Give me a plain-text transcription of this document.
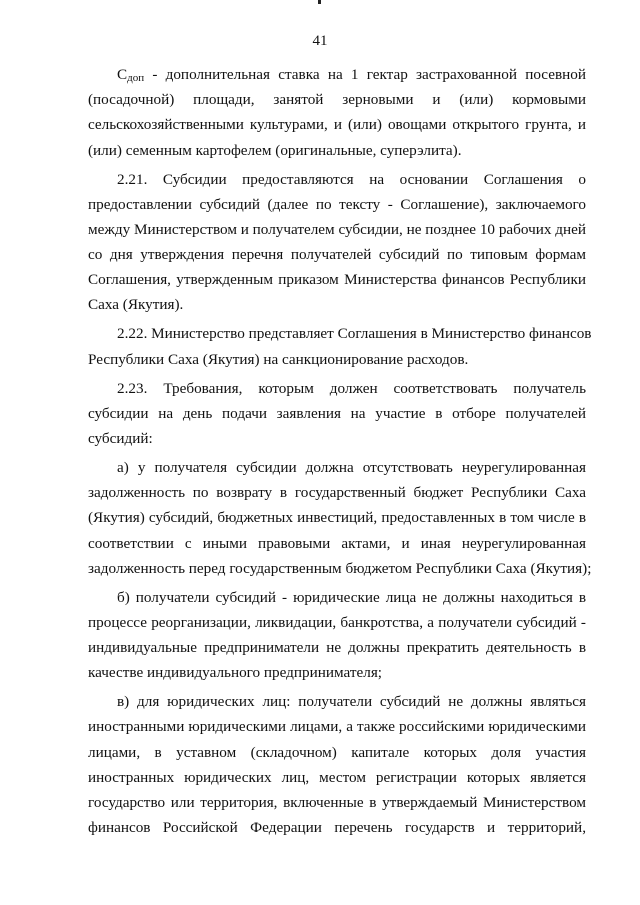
41
Сдоп - дополнительная ставка на 1 гектар застрахованной посевной
(посадочной) площади, занятой зерновыми и (или) кормовыми
сельскохозяйственными культурами, и (или) овощами открытого грунта, и
(или) семенным картофелем (оригинальные, суперэлита).
2.21. Субсидии предоставляются на основании Соглашения о
предоставлении субсидий (далее по тексту - Соглашение), заключаемого
между Министерством и получателем субсидии, не позднее 10 рабочих дней
со дня утверждения перечня получателей субсидий по типовым формам
Соглашения, утвержденным приказом Министерства финансов Республики
Саха (Якутия).
2.22. Министерство представляет Соглашения в Министерство финансов
Республики Саха (Якутия) на санкционирование расходов.
2.23. Требования, которым должен соответствовать получатель
субсидии на день подачи заявления на участие в отборе получателей
субсидий:
а) у получателя субсидии должна отсутствовать неурегулированная
задолженность по возврату в государственный бюджет Республики Саха
(Якутия) субсидий, бюджетных инвестиций, предоставленных в том числе в
соответствии с иными правовыми актами, и иная неурегулированная
задолженность перед государственным бюджетом Республики Саха (Якутия);
б) получатели субсидий - юридические лица не должны находиться в
процессе реорганизации, ликвидации, банкротства, а получатели субсидий -
индивидуальные предприниматели не должны прекратить деятельность в
качестве индивидуального предпринимателя;
в) для юридических лиц: получатели субсидий не должны являться
иностранными юридическими лицами, а также российскими юридическими
лицами, в уставном (складочном) капитале которых доля участия
иностранных юридических лиц, местом регистрации которых является
государство или территория, включенные в утверждаемый Министерством
финансов Российской Федерации перечень государств и территорий,
